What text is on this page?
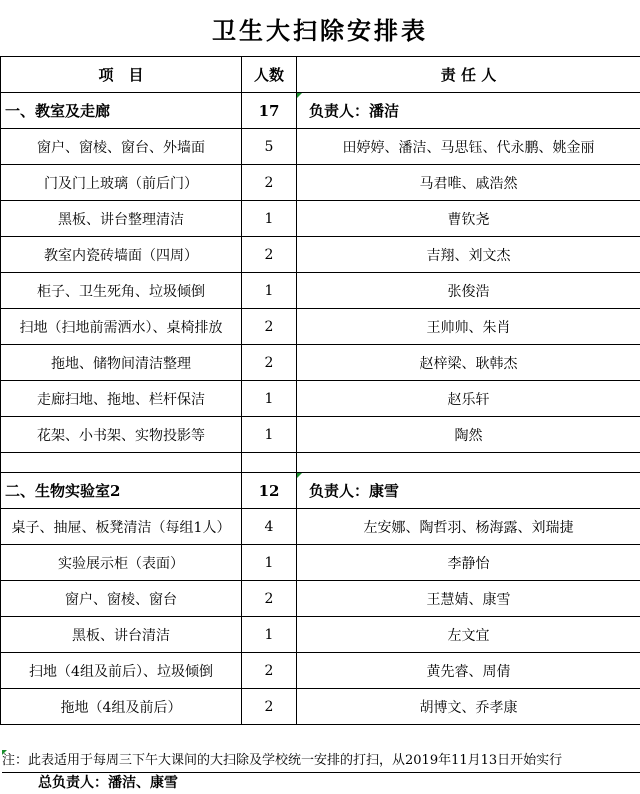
卫生大扫除安排表
项　目	人数	责 任 人
一、教室及走廊	17	负责人：潘洁
窗户、窗棱、窗台、外墙面	5	田婷婷、潘洁、马思钰、代永鹏、姚金丽
门及门上玻璃（前后门）	2	马君唯、戚浩然
黑板、讲台整理清洁	1	曹钦尧
教室内瓷砖墙面（四周）	2	吉翔、刘文杰
柜子、卫生死角、垃圾倾倒	1	张俊浩
扫地（扫地前需洒水）、桌椅排放	2	王帅帅、朱肖
拖地、储物间清洁整理	2	赵梓梁、耿韩杰
走廊扫地、拖地、栏杆保洁	1	赵乐轩
花架、小书架、实物投影等	1	陶然

二、生物实验室2	12	负责人：康雪
桌子、抽屉、板凳清洁（每组1人）	4	左安娜、陶哲羽、杨海露、刘瑞捷
实验展示柜（表面）	1	李静怡
窗户、窗棱、窗台	2	王慧婧、康雪
黑板、讲台清洁	1	左文宜
扫地（4组及前后）、垃圾倾倒	2	黄先睿、周倩
拖地（4组及前后）	2	胡博文、乔孝康
注：此表适用于每周三下午大课间的大扫除及学校统一安排的打扫，从2019年11月13日开始实行
总负责人：潘洁、康雪
